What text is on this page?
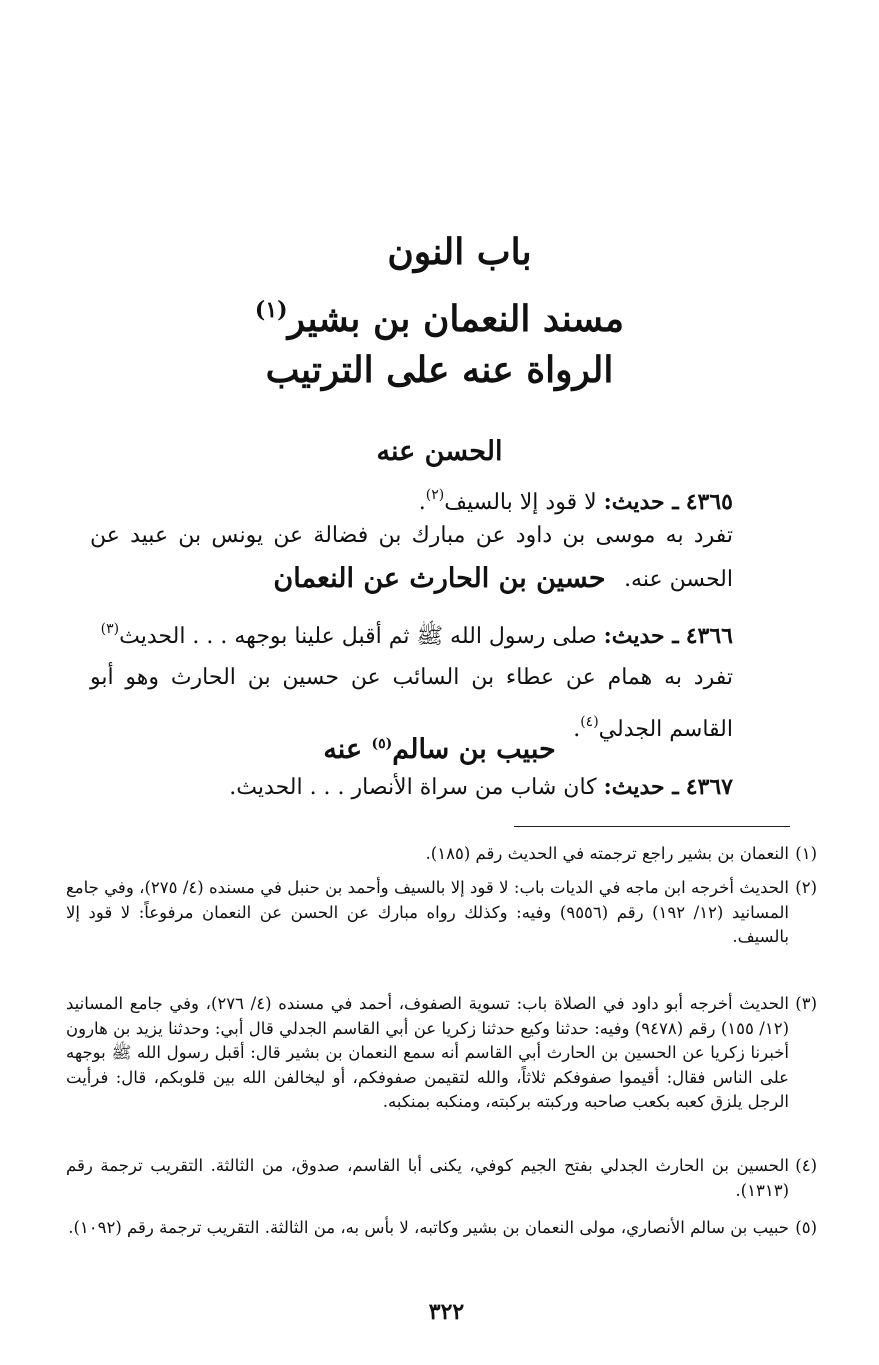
باب النون
مسند النعمان بن بشير$^{(١)}$
الرواة عنه على الترتيب
الحسن عنه
٤٣٦٥ ـ حديث: لا قود إلا بالسيف$^{(٢)}$.
تفرد به موسى بن داود عن مبارك بن فضالة عن يونس بن عبيد عن الحسن عنه.
حسين بن الحارث عن النعمان
٤٣٦٦ ـ حديث: صلى رسول الله ﷺ ثم أقبل علينا بوجهه . . . الحديث$^{(٣)}$
تفرد به همام عن عطاء بن السائب عن حسين بن الحارث وهو أبو القاسم الجدلي$^{(٤)}$.
حبيب بن سالم$^{(٥)}$ عنه
٤٣٦٧ ـ حديث: كان شاب من سراة الأنصار . . . الحديث.
(١)
النعمان بن بشير راجع ترجمته في الحديث رقم (١٨٥).
(٢)
الحديث أخرجه ابن ماجه في الديات باب: لا قود إلا بالسيف وأحمد بن حنبل في مسنده (٤/ ٢٧٥)، وفي جامع المسانيد (١٢/ ١٩٢) رقم (٩٥٥٦) وفيه: وكذلك رواه مبارك عن الحسن عن النعمان مرفوعاً: لا قود إلا بالسيف.
(٣)
الحديث أخرجه أبو داود في الصلاة باب: تسوية الصفوف، أحمد في مسنده (٤/ ٢٧٦)، وفي جامع المسانيد (١٢/ ١٥٥) رقم (٩٤٧٨) وفيه: حدثنا وكيع حدثنا زكريا عن أبي القاسم الجدلي قال أبي: وحدثنا يزيد بن هارون أخبرنا زكريا عن الحسين بن الحارث أبي القاسم أنه سمع النعمان بن بشير قال: أقبل رسول الله ﷺ بوجهه على الناس فقال: أقيموا صفوفكم ثلاثاً، والله لتقيمن صفوفكم، أو ليخالفن الله بين قلوبكم، قال: فرأيت الرجل يلزق كعبه بكعب صاحبه وركبته بركبته، ومنكبه بمنكبه.
(٤)
الحسين بن الحارث الجدلي بفتح الجيم كوفي، يكنى أبا القاسم، صدوق، من الثالثة. التقريب ترجمة رقم (١٣١٣).
(٥)
حبيب بن سالم الأنصاري، مولى النعمان بن بشير وكاتبه، لا بأس به، من الثالثة. التقريب ترجمة رقم (١٠٩٢).
٣٢٢
